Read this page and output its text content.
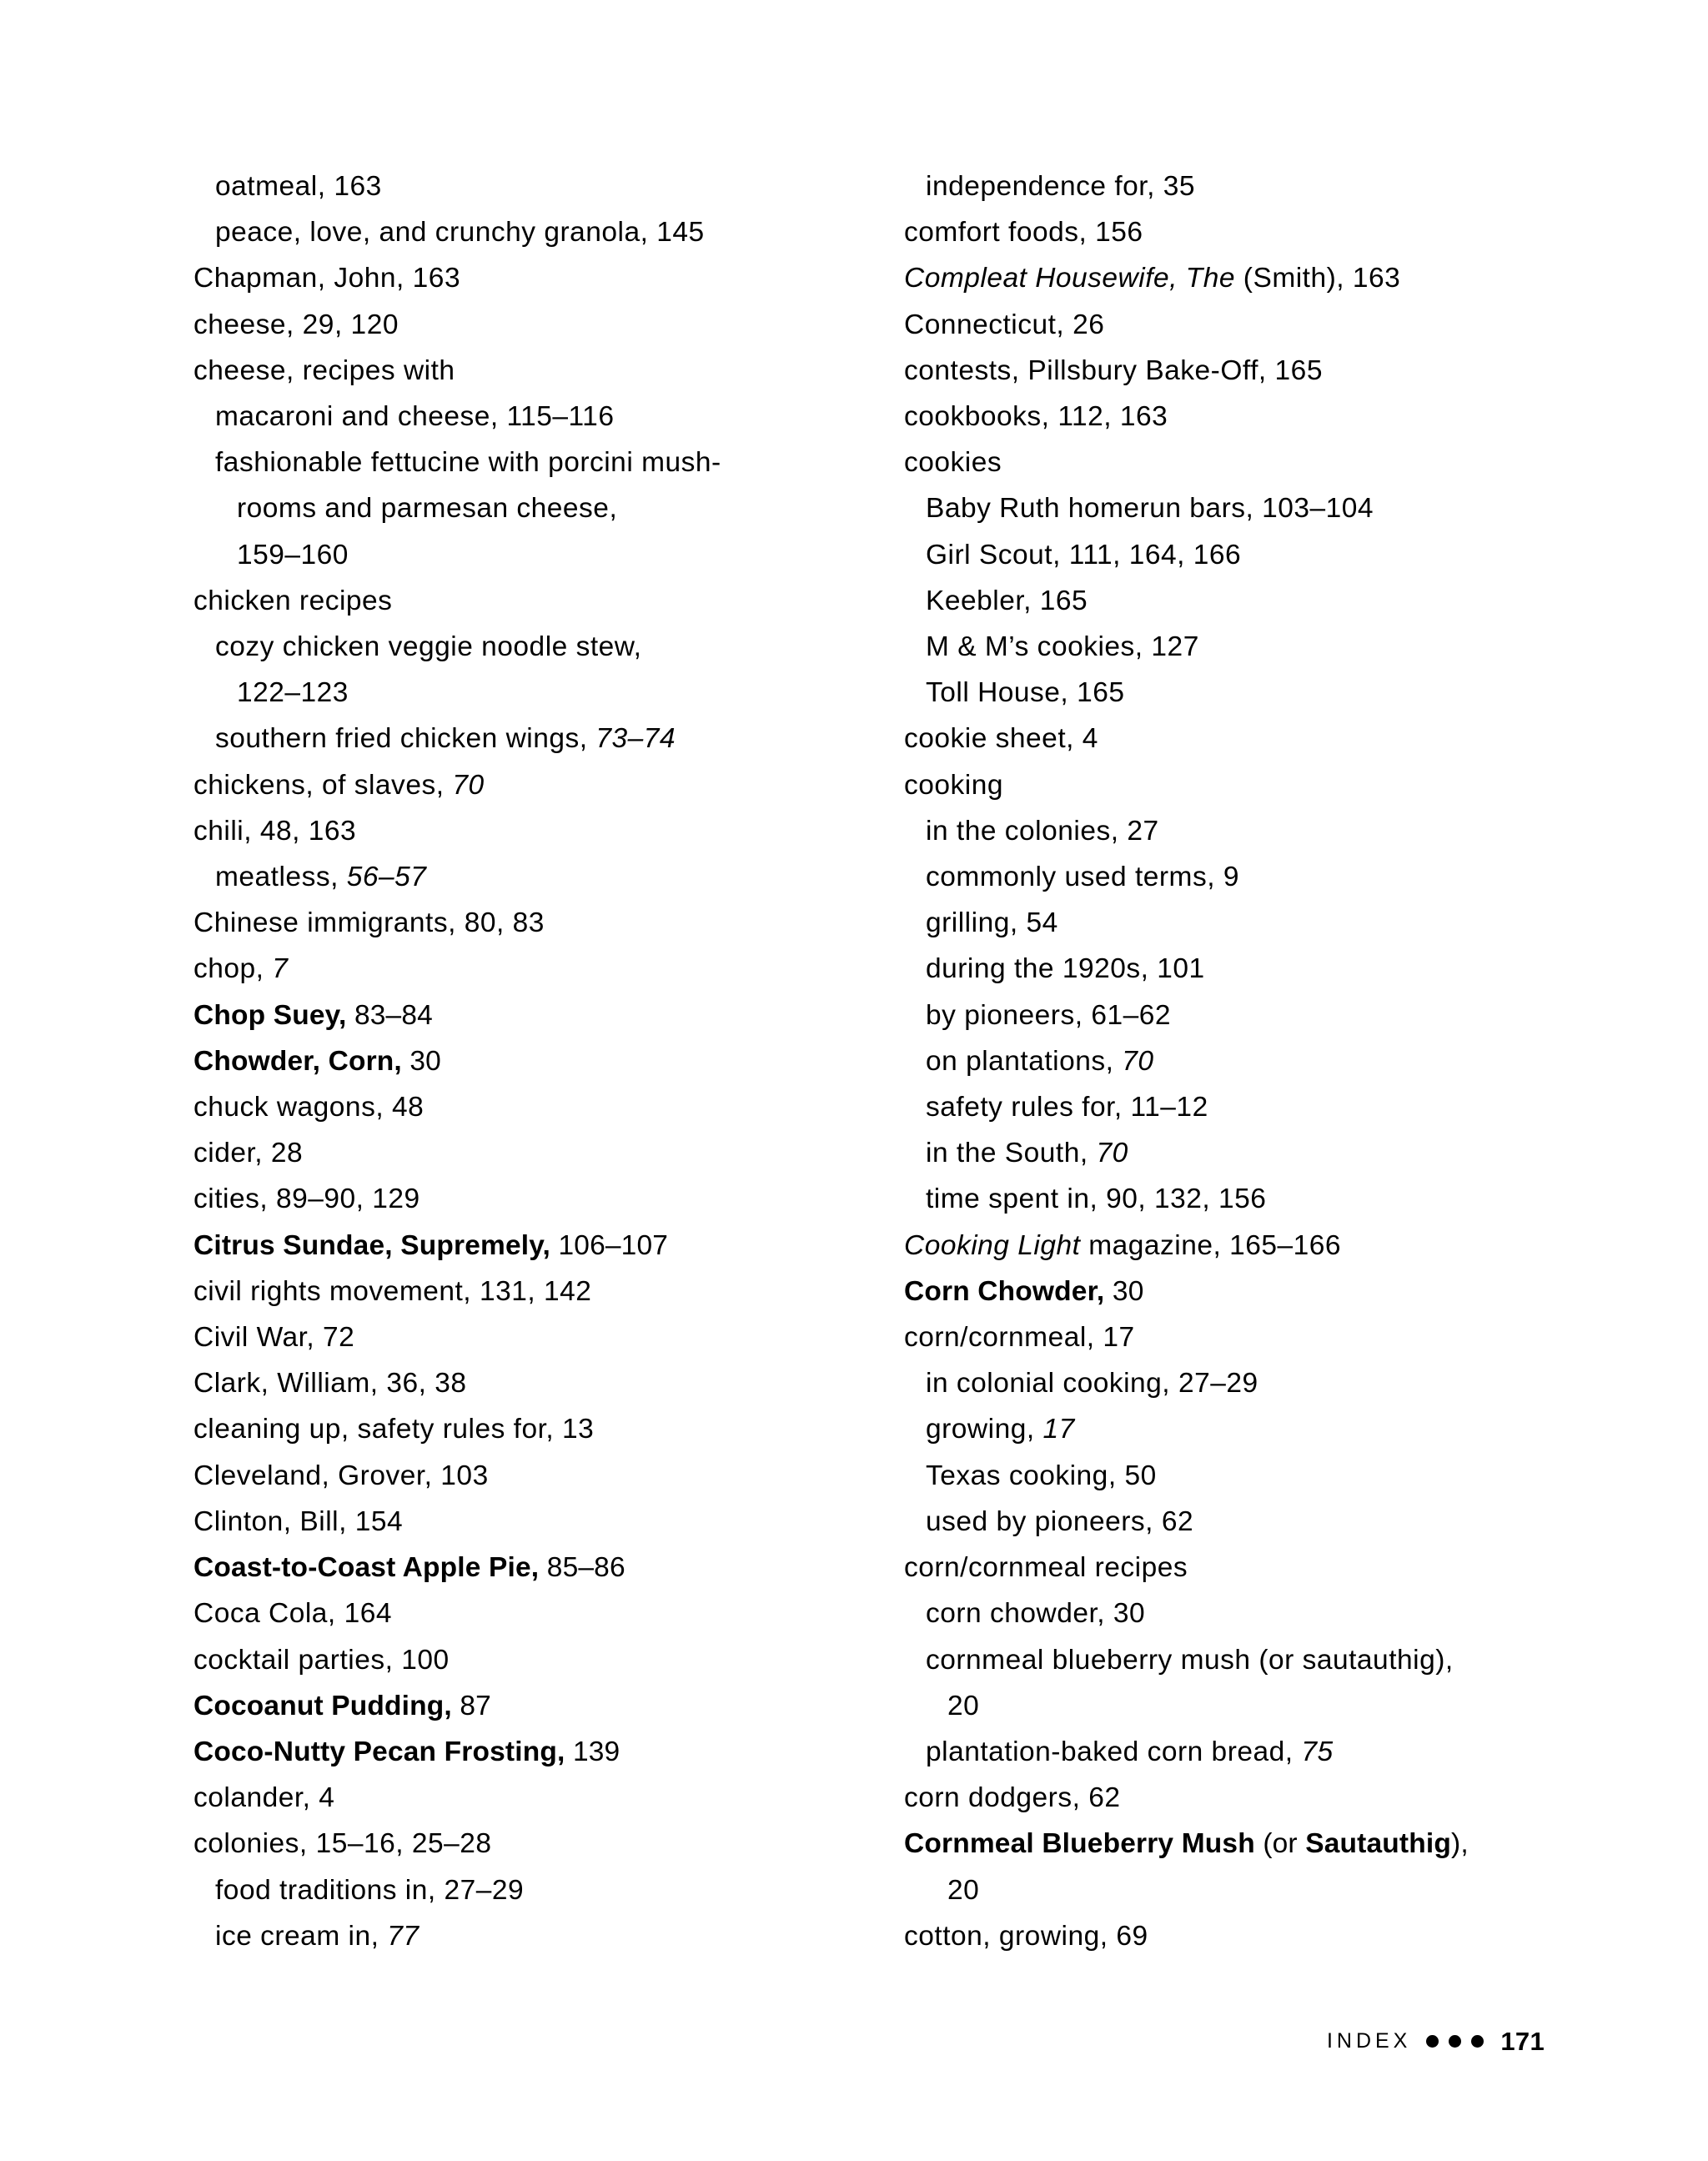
oatmeal, 163
peace, love, and crunchy granola, 145
Chapman, John, 163
cheese, 29, 120
cheese, recipes with
macaroni and cheese, 115–116
fashionable fettucine with porcini mush-
rooms and parmesan cheese,
159–160
chicken recipes
cozy chicken veggie noodle stew,
122–123
southern fried chicken wings, 73–74
chickens, of slaves, 70
chili, 48, 163
meatless, 56–57
Chinese immigrants, 80, 83
chop, 7
Chop Suey, 83–84
Chowder, Corn, 30
chuck wagons, 48
cider, 28
cities, 89–90, 129
Citrus Sundae, Supremely, 106–107
civil rights movement, 131, 142
Civil War, 72
Clark, William, 36, 38
cleaning up, safety rules for, 13
Cleveland, Grover, 103
Clinton, Bill, 154
Coast-to-Coast Apple Pie, 85–86
Coca Cola, 164
cocktail parties, 100
Cocoanut Pudding, 87
Coco-Nutty Pecan Frosting, 139
colander, 4
colonies, 15–16, 25–28
food traditions in, 27–29
ice cream in, 77
independence for, 35
comfort foods, 156
Compleat Housewife, The (Smith), 163
Connecticut, 26
contests, Pillsbury Bake-Off, 165
cookbooks, 112, 163
cookies
Baby Ruth homerun bars, 103–104
Girl Scout, 111, 164, 166
Keebler, 165
M & M’s cookies, 127
Toll House, 165
cookie sheet, 4
cooking
in the colonies, 27
commonly used terms, 9
grilling, 54
during the 1920s, 101
by pioneers, 61–62
on plantations, 70
safety rules for, 11–12
in the South, 70
time spent in, 90, 132, 156
Cooking Light magazine, 165–166
Corn Chowder, 30
corn/cornmeal, 17
in colonial cooking, 27–29
growing, 17
Texas cooking, 50
used by pioneers, 62
corn/cornmeal recipes
corn chowder, 30
cornmeal blueberry mush (or sautauthig),
20
plantation-baked corn bread, 75
corn dodgers, 62
Cornmeal Blueberry Mush (or Sautauthig),
20
cotton, growing, 69
INDEX	171
